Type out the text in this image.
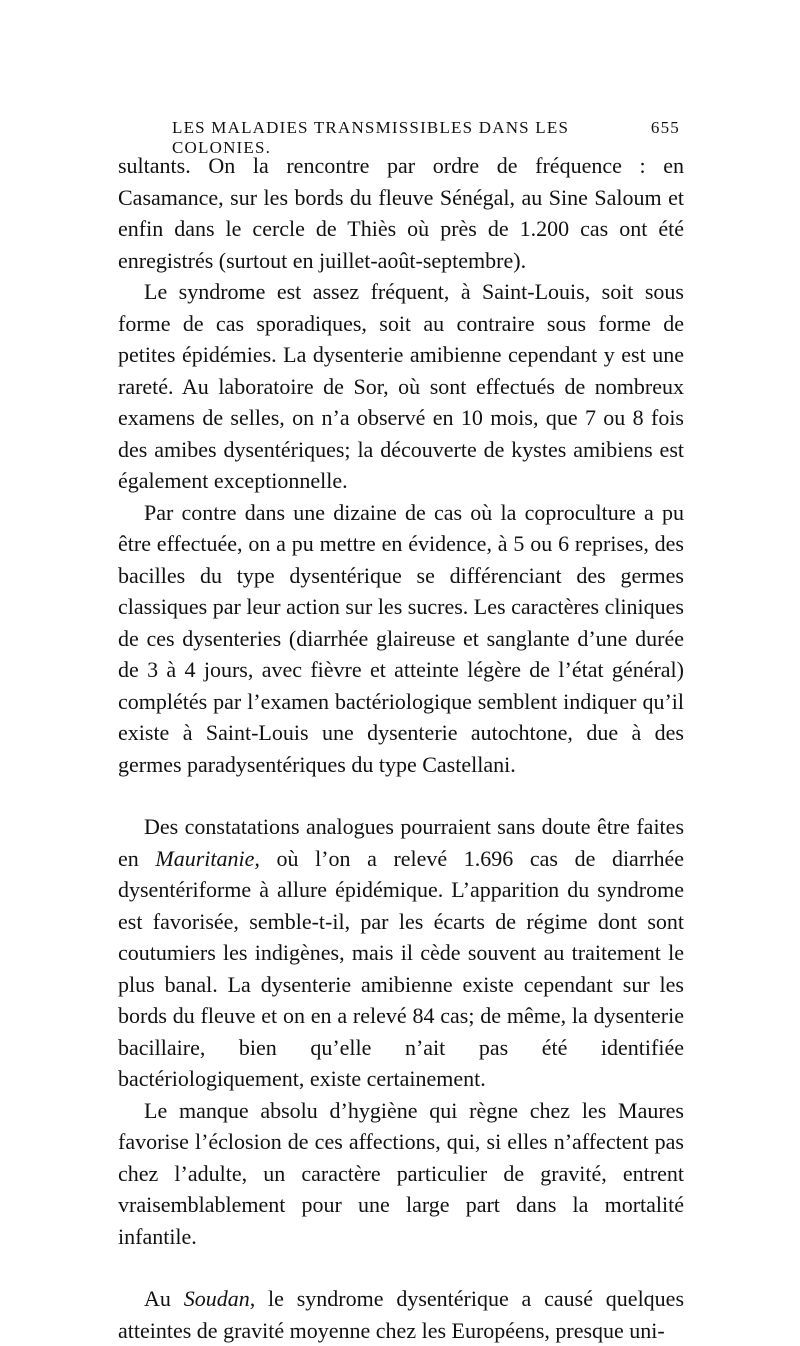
LES MALADIES TRANSMISSIBLES DANS LES COLONIES.
655

sultants. On la rencontre par ordre de fréquence : en Casamance, sur les bords du fleuve Sénégal, au Sine Saloum et enfin dans le cercle de Thiès où près de 1.200 cas ont été enregistrés (surtout en juillet-août-septembre).

Le syndrome est assez fréquent, à Saint-Louis, soit sous forme de cas sporadiques, soit au contraire sous forme de petites épidémies. La dysenterie amibienne cependant y est une rareté. Au laboratoire de Sor, où sont effectués de nombreux examens de selles, on n’a observé en 10 mois, que 7 ou 8 fois des amibes dysentériques; la découverte de kystes amibiens est également exceptionnelle.

Par contre dans une dizaine de cas où la coproculture a pu être effectuée, on a pu mettre en évidence, à 5 ou 6 reprises, des bacilles du type dysentérique se différenciant des germes classiques par leur action sur les sucres. Les caractères cliniques de ces dysenteries (diarrhée glaireuse et sanglante d’une durée de 3 à 4 jours, avec fièvre et atteinte légère de l’état général) complétés par l’examen bactériologique semblent indiquer qu’il existe à Saint-Louis une dysenterie autochtone, due à des germes paradysentériques du type Castellani.

Des constatations analogues pourraient sans doute être faites en Mauritanie, où l’on a relevé 1.696 cas de diarrhée dysentériforme à allure épidémique. L’apparition du syndrome est favorisée, semble-t-il, par les écarts de régime dont sont coutumiers les indigènes, mais il cède souvent au traitement le plus banal. La dysenterie amibienne existe cependant sur les bords du fleuve et on en a relevé 84 cas; de même, la dysenterie bacillaire, bien qu’elle n’ait pas été identifiée bactériologiquement, existe certainement.

Le manque absolu d’hygiène qui règne chez les Maures favorise l’éclosion de ces affections, qui, si elles n’affectent pas chez l’adulte, un caractère particulier de gravité, entrent vraisemblablement pour une large part dans la mortalité infantile.

Au Soudan, le syndrome dysentérique a causé quelques atteintes de gravité moyenne chez les Européens, presque uni-
